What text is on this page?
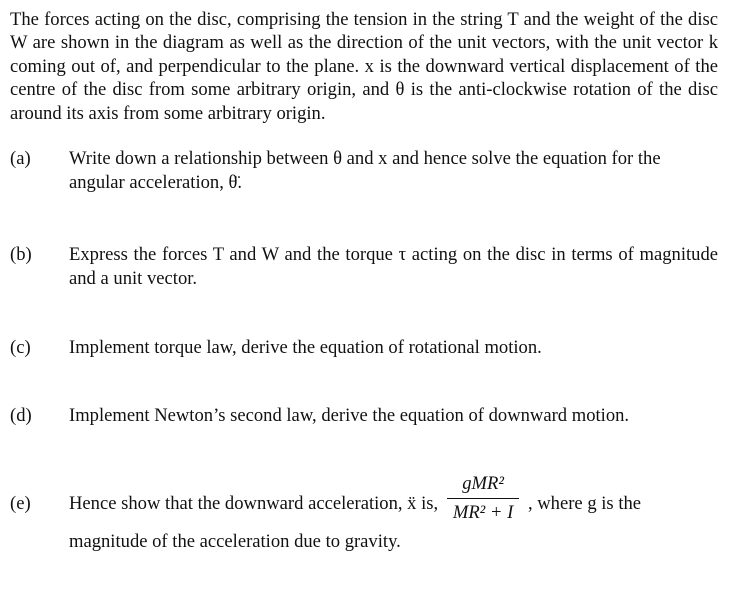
The forces acting on the disc, comprising the tension in the string T and the weight of the disc W are shown in the diagram as well as the direction of the unit vectors, with the unit vector k coming out of, and perpendicular to the plane. x is the downward vertical displacement of the centre of the disc from some arbitrary origin, and θ is the anti-clockwise rotation of the disc around its axis from some arbitrary origin.
(a) Write down a relationship between θ and x and hence solve the equation for the angular acceleration, θ̈.
(b) Express the forces T and W and the torque τ acting on the disc in terms of magnitude and a unit vector.
(c) Implement torque law, derive the equation of rotational motion.
(d) Implement Newton’s second law, derive the equation of downward motion.
(e) Hence show that the downward acceleration, ẍ is, $\frac{\text{gMR²}}{\text{MR² + I}}$ , where g is the
magnitude of the acceleration due to gravity.
